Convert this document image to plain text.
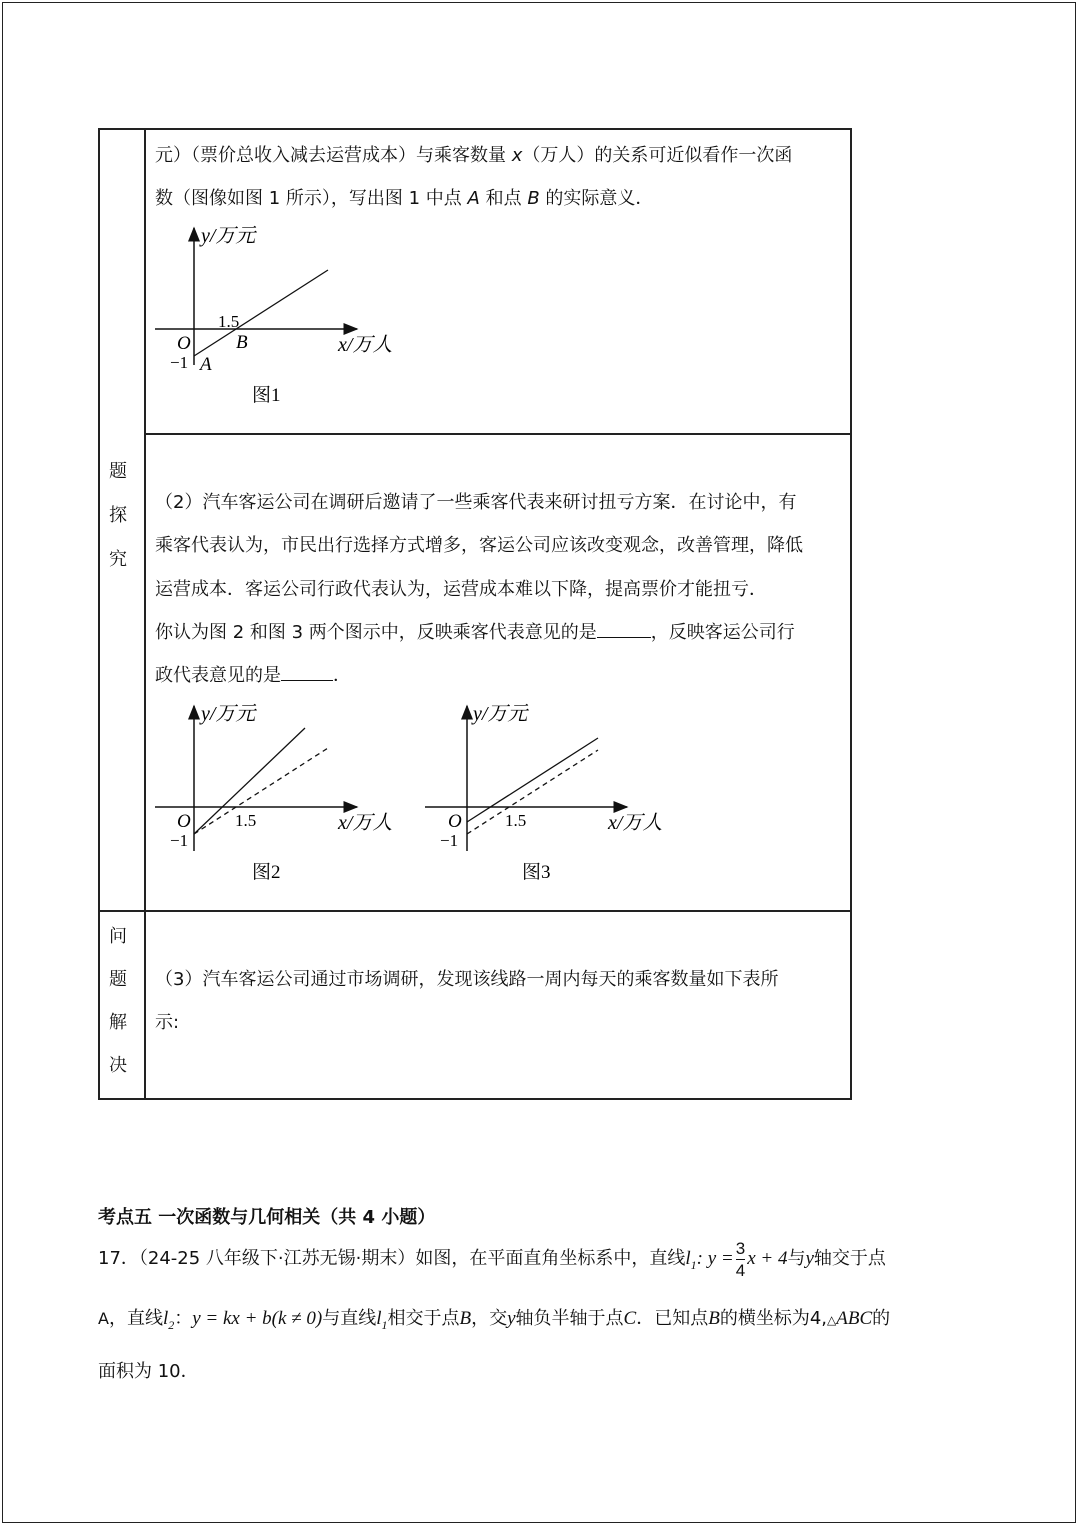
题
探
究
问
题
解
决
元）（票价总收入减去运营成本）与乘客数量 x（万人）的关系可近似看作一次函
数（图像如图 1 所示），写出图 1 中点 A 和点 B 的实际意义．
y/万元
1.5
O B	x/万人
−1 A
图1
（2）汽车客运公司在调研后邀请了一些乘客代表来研讨扭亏方案．在讨论中，有
乘客代表认为，市民出行选择方式增多，客运公司应该改变观念，改善管理，降低
运营成本．客运公司行政代表认为，运营成本难以下降，提高票价才能扭亏．
你认为图 2 和图 3 两个图示中，反映乘客代表意见的是	，反映客运公司行
政代表意见的是	．
y/万元
O	1.5	x/万人
−1
图2
y/万元
O	1.5	x/万人
−1
图3
（3）汽车客运公司通过市场调研，发现该线路一周内每天的乘客数量如下表所
示:
考点五 一次函数与几何相关（共 4 小题）
17．（24-25 八年级下·江苏无锡·期末）如图，在平面直角坐标系中，直线$l_1$: $y = \frac{3}{4}$ x + 4与y轴交于点
A，直线$l_2$：y = kx + b(k ≠ 0)与直线$l_1$相交于点B，交y轴负半轴于点C．已知点B的横坐标为4,△ABC的
面积为 10．
